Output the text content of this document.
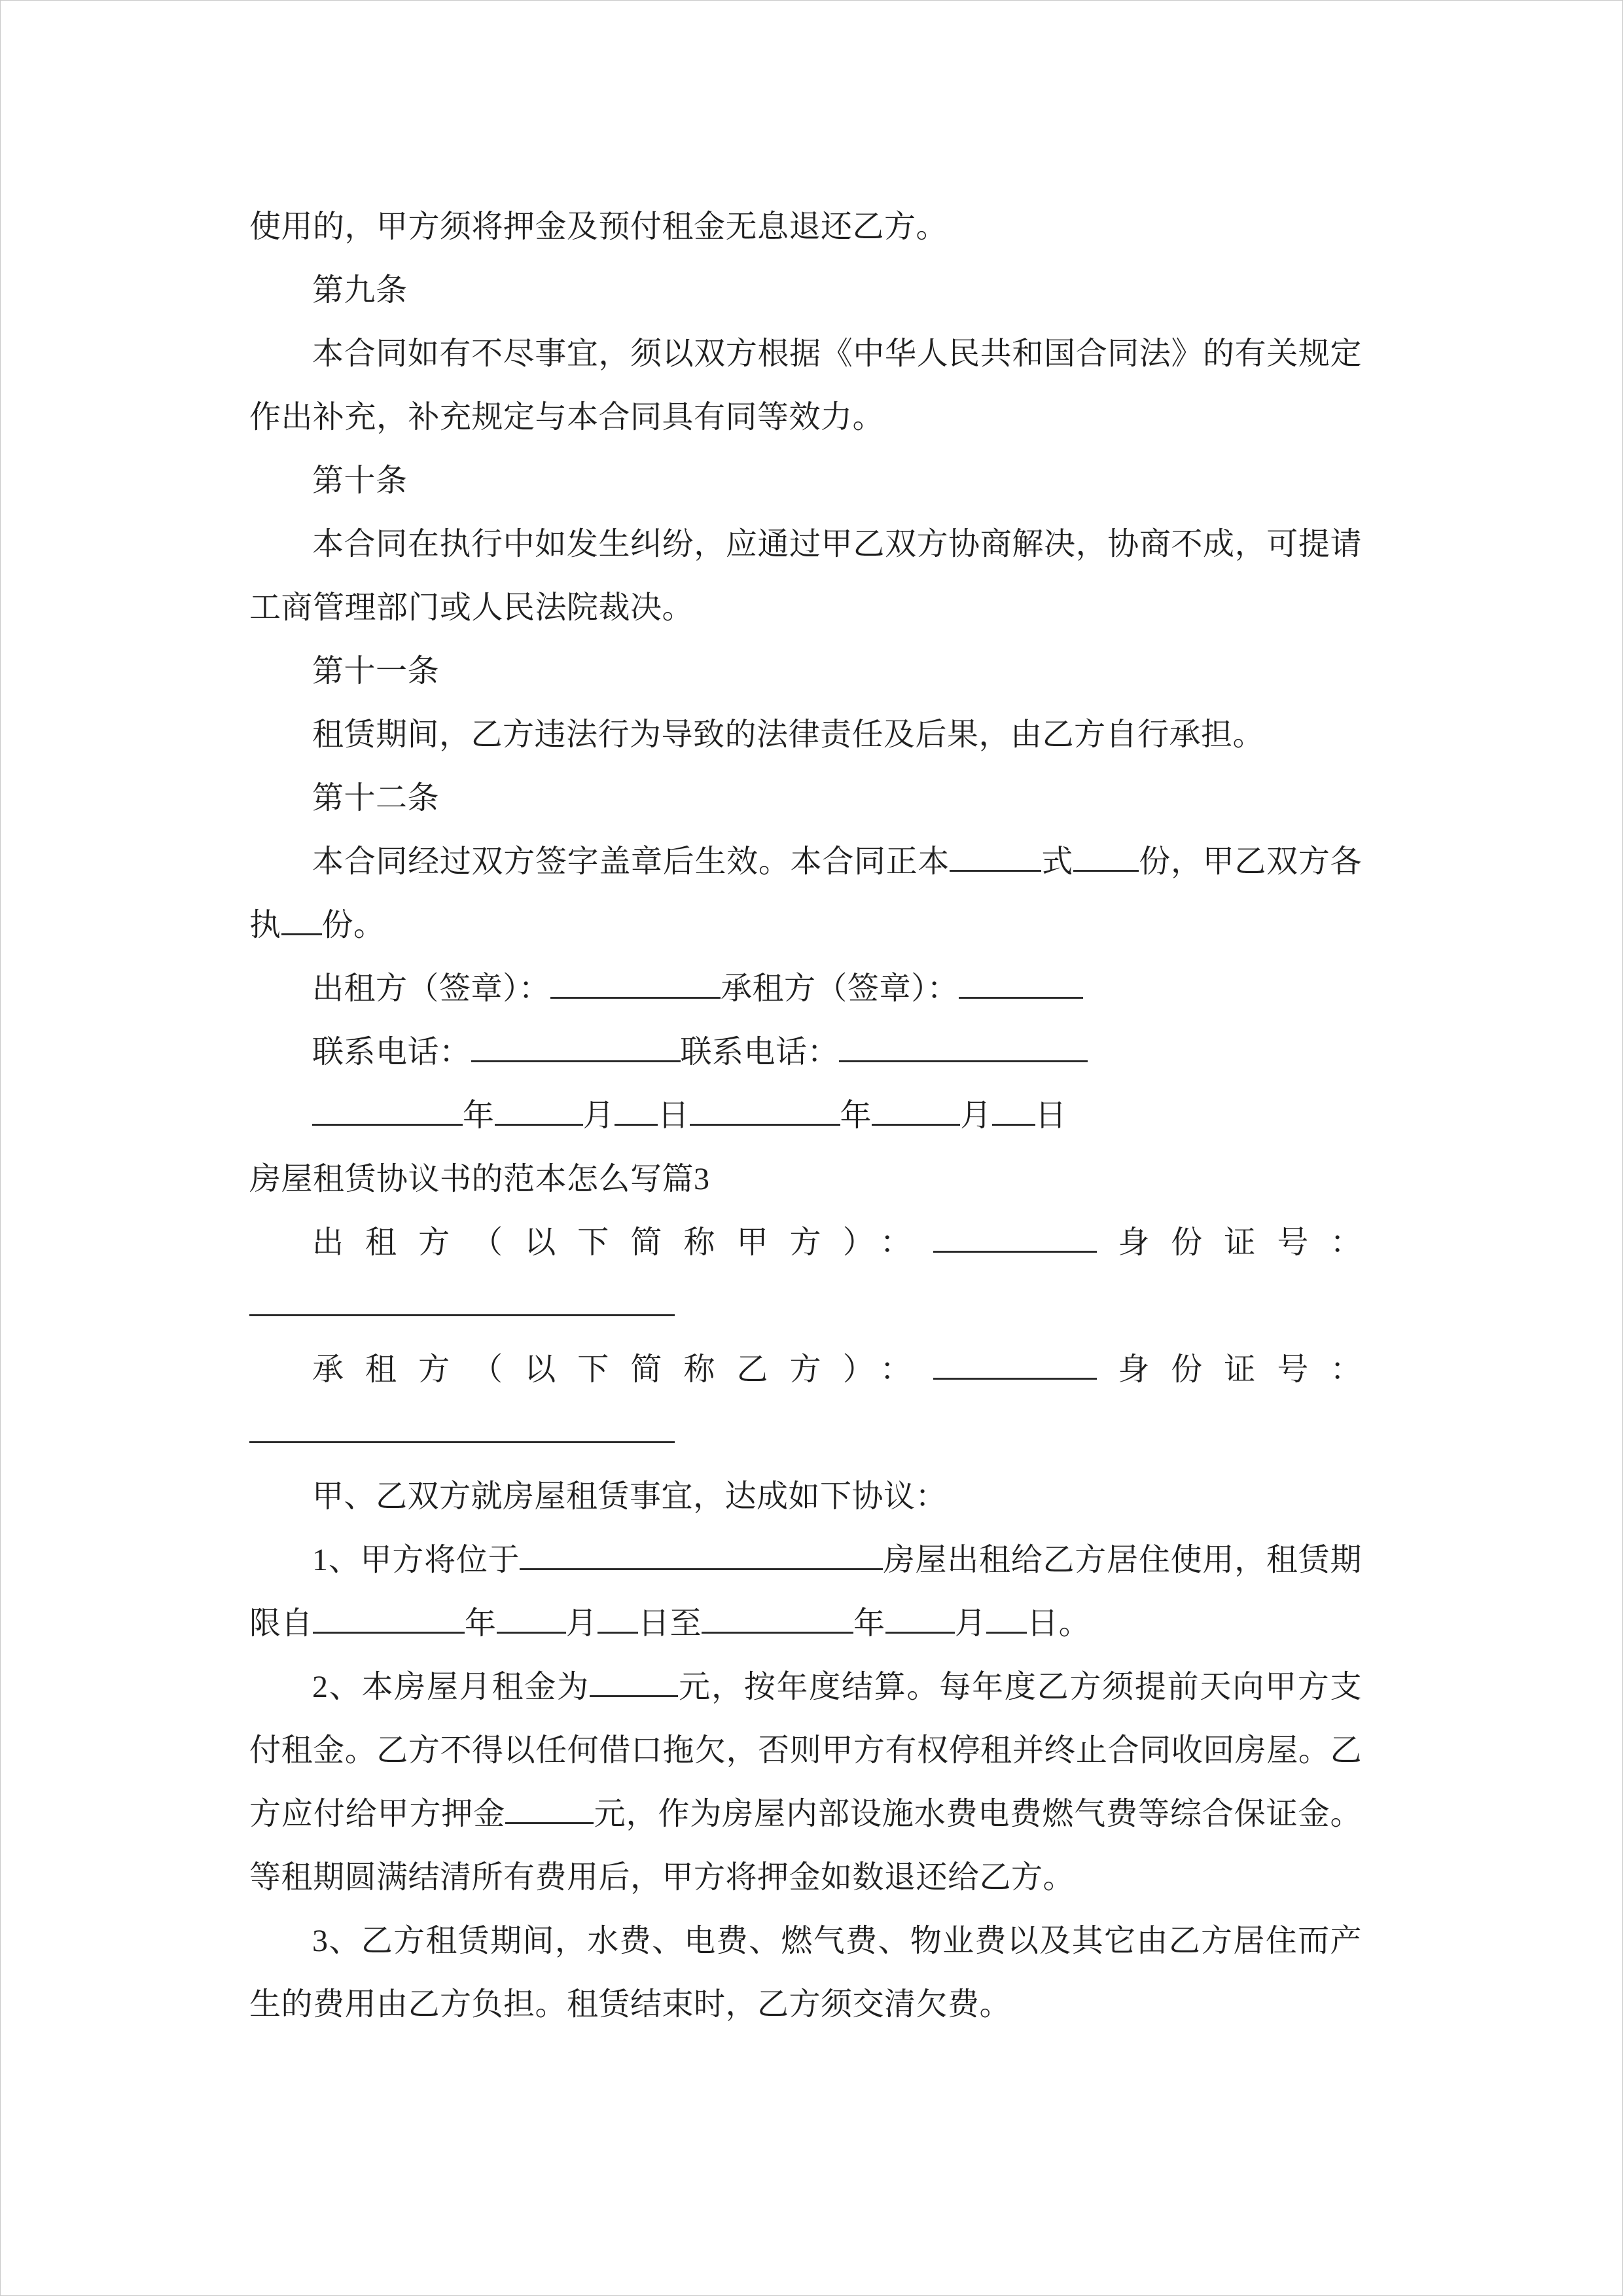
使用的，甲方须将押金及预付租金无息退还乙方。

第九条

本合同如有不尽事宜，须以双方根据《中华人民共和国合同法》的有关规定作出补充，补充规定与本合同具有同等效力。

第十条

本合同在执行中如发生纠纷，应通过甲乙双方协商解决，协商不成，可提请工商管理部门或人民法院裁决。

第十一条

租赁期间，乙方违法行为导致的法律责任及后果，由乙方自行承担。

第十二条

本合同经过双方签字盖章后生效。本合同正本	式 份，甲乙双方各执 份。

出租方（签章）：	承租方（签章）：

联系电话：	联系电话：

年	月 日	年	月 日

房屋租赁协议书的范本怎么写篇3

出租方（以下简称甲方）：	身份证号：

承租方（以下简称乙方）：	身份证号：

甲、乙双方就房屋租赁事宜，达成如下协议：

1、甲方将位于	房屋出租给乙方居住使用，租赁期限自	年 月 日至	年 月 日。

2、本房屋月租金为	元，按年度结算。每年度乙方须提前天向甲方支付租金。乙方不得以任何借口拖欠，否则甲方有权停租并终止合同收回房屋。乙方应付给甲方押金	元，作为房屋内部设施水费电费燃气费等综合保证金。等租期圆满结清所有费用后，甲方将押金如数退还给乙方。

3、乙方租赁期间，水费、电费、燃气费、物业费以及其它由乙方居住而产生的费用由乙方负担。租赁结束时，乙方须交清欠费。
